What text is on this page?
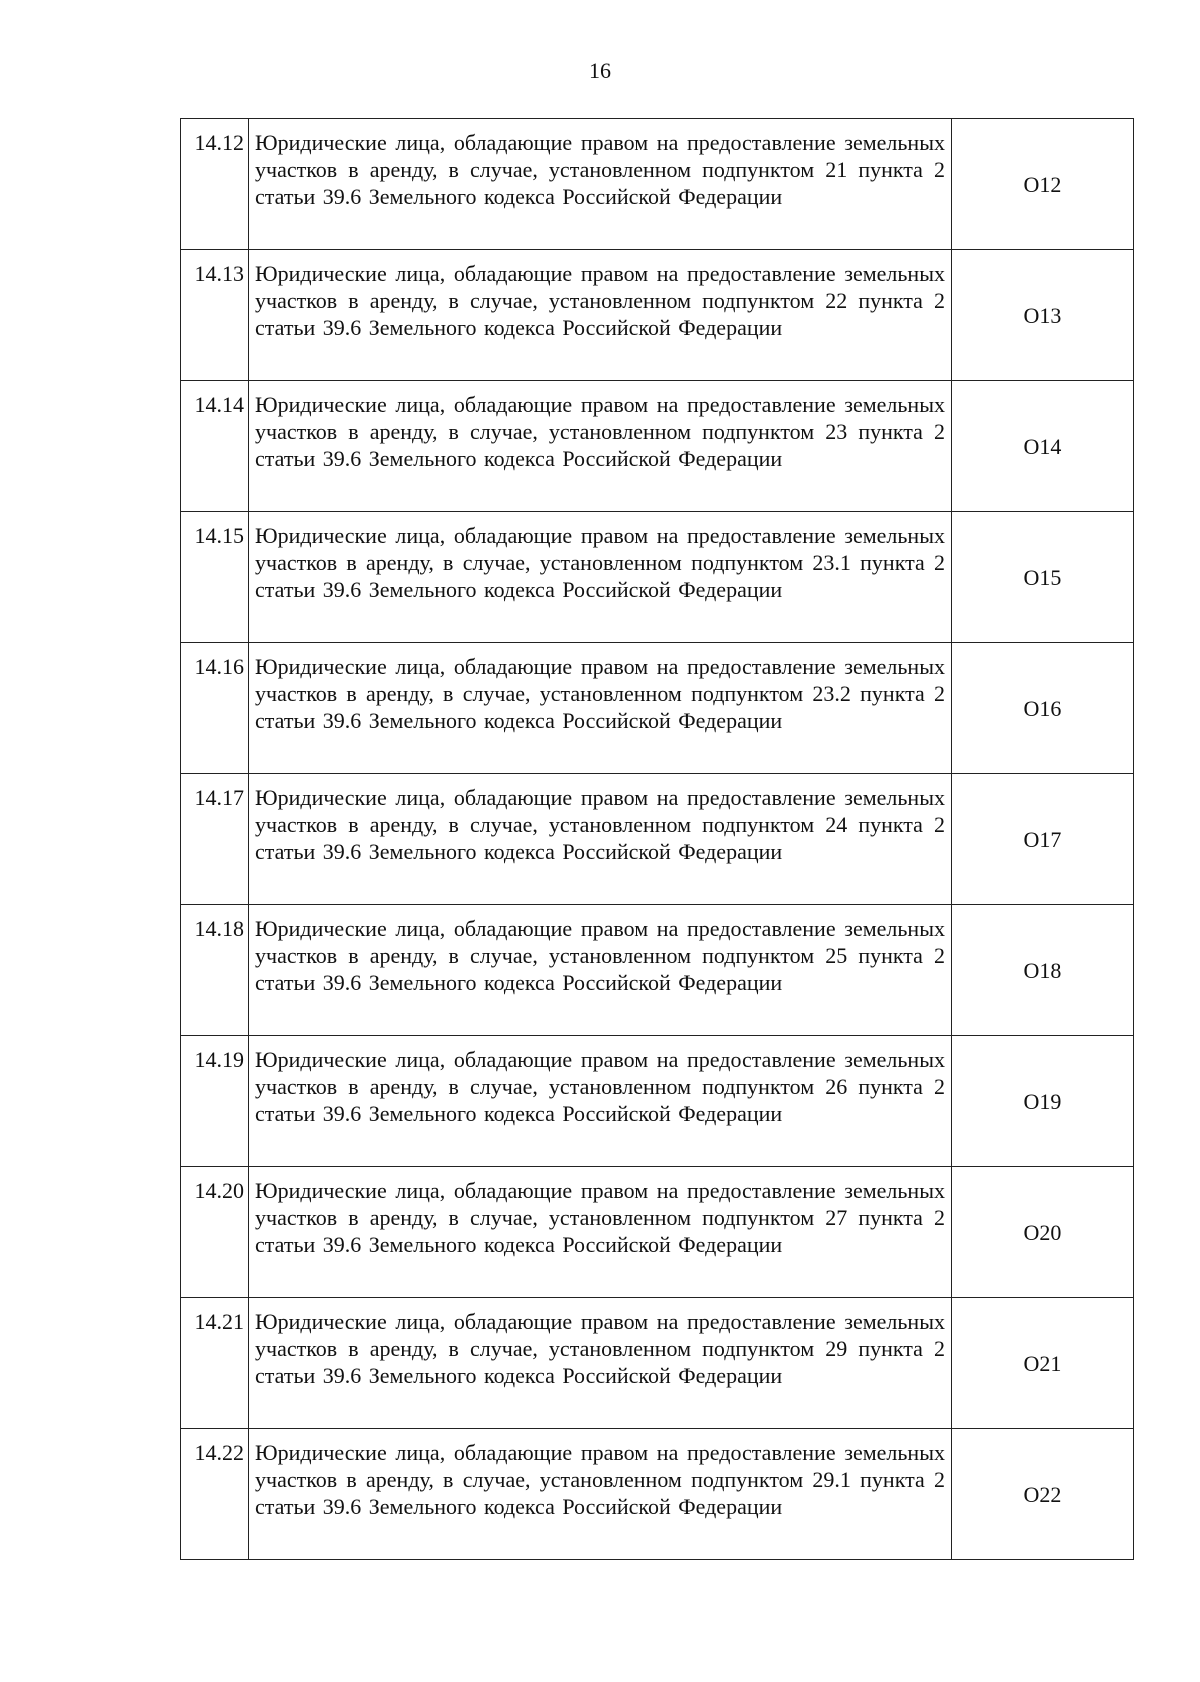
16
14.12	Юридические лица, обладающие правом на предоставление земельных участков в аренду, в случае, установленном подпунктом 21 пункта 2 статьи 39.6 Земельного кодекса Российской Федерации	O12
14.13	Юридические лица, обладающие правом на предоставление земельных участков в аренду, в случае, установленном подпунктом 22 пункта 2 статьи 39.6 Земельного кодекса Российской Федерации	O13
14.14	Юридические лица, обладающие правом на предоставление земельных участков в аренду, в случае, установленном подпунктом 23 пункта 2 статьи 39.6 Земельного кодекса Российской Федерации	O14
14.15	Юридические лица, обладающие правом на предоставление земельных участков в аренду, в случае, установленном подпунктом 23.1 пункта 2 статьи 39.6 Земельного кодекса Российской Федерации	O15
14.16	Юридические лица, обладающие правом на предоставление земельных участков в аренду, в случае, установленном подпунктом 23.2 пункта 2 статьи 39.6 Земельного кодекса Российской Федерации	O16
14.17	Юридические лица, обладающие правом на предоставление земельных участков в аренду, в случае, установленном подпунктом 24 пункта 2 статьи 39.6 Земельного кодекса Российской Федерации	O17
14.18	Юридические лица, обладающие правом на предоставление земельных участков в аренду, в случае, установленном подпунктом 25 пункта 2 статьи 39.6 Земельного кодекса Российской Федерации	O18
14.19	Юридические лица, обладающие правом на предоставление земельных участков в аренду, в случае, установленном подпунктом 26 пункта 2 статьи 39.6 Земельного кодекса Российской Федерации	O19
14.20	Юридические лица, обладающие правом на предоставление земельных участков в аренду, в случае, установленном подпунктом 27 пункта 2 статьи 39.6 Земельного кодекса Российской Федерации	O20
14.21	Юридические лица, обладающие правом на предоставление земельных участков в аренду, в случае, установленном подпунктом 29 пункта 2 статьи 39.6 Земельного кодекса Российской Федерации	O21
14.22	Юридические лица, обладающие правом на предоставление земельных участков в аренду, в случае, установленном подпунктом 29.1 пункта 2 статьи 39.6 Земельного кодекса Российской Федерации	O22
